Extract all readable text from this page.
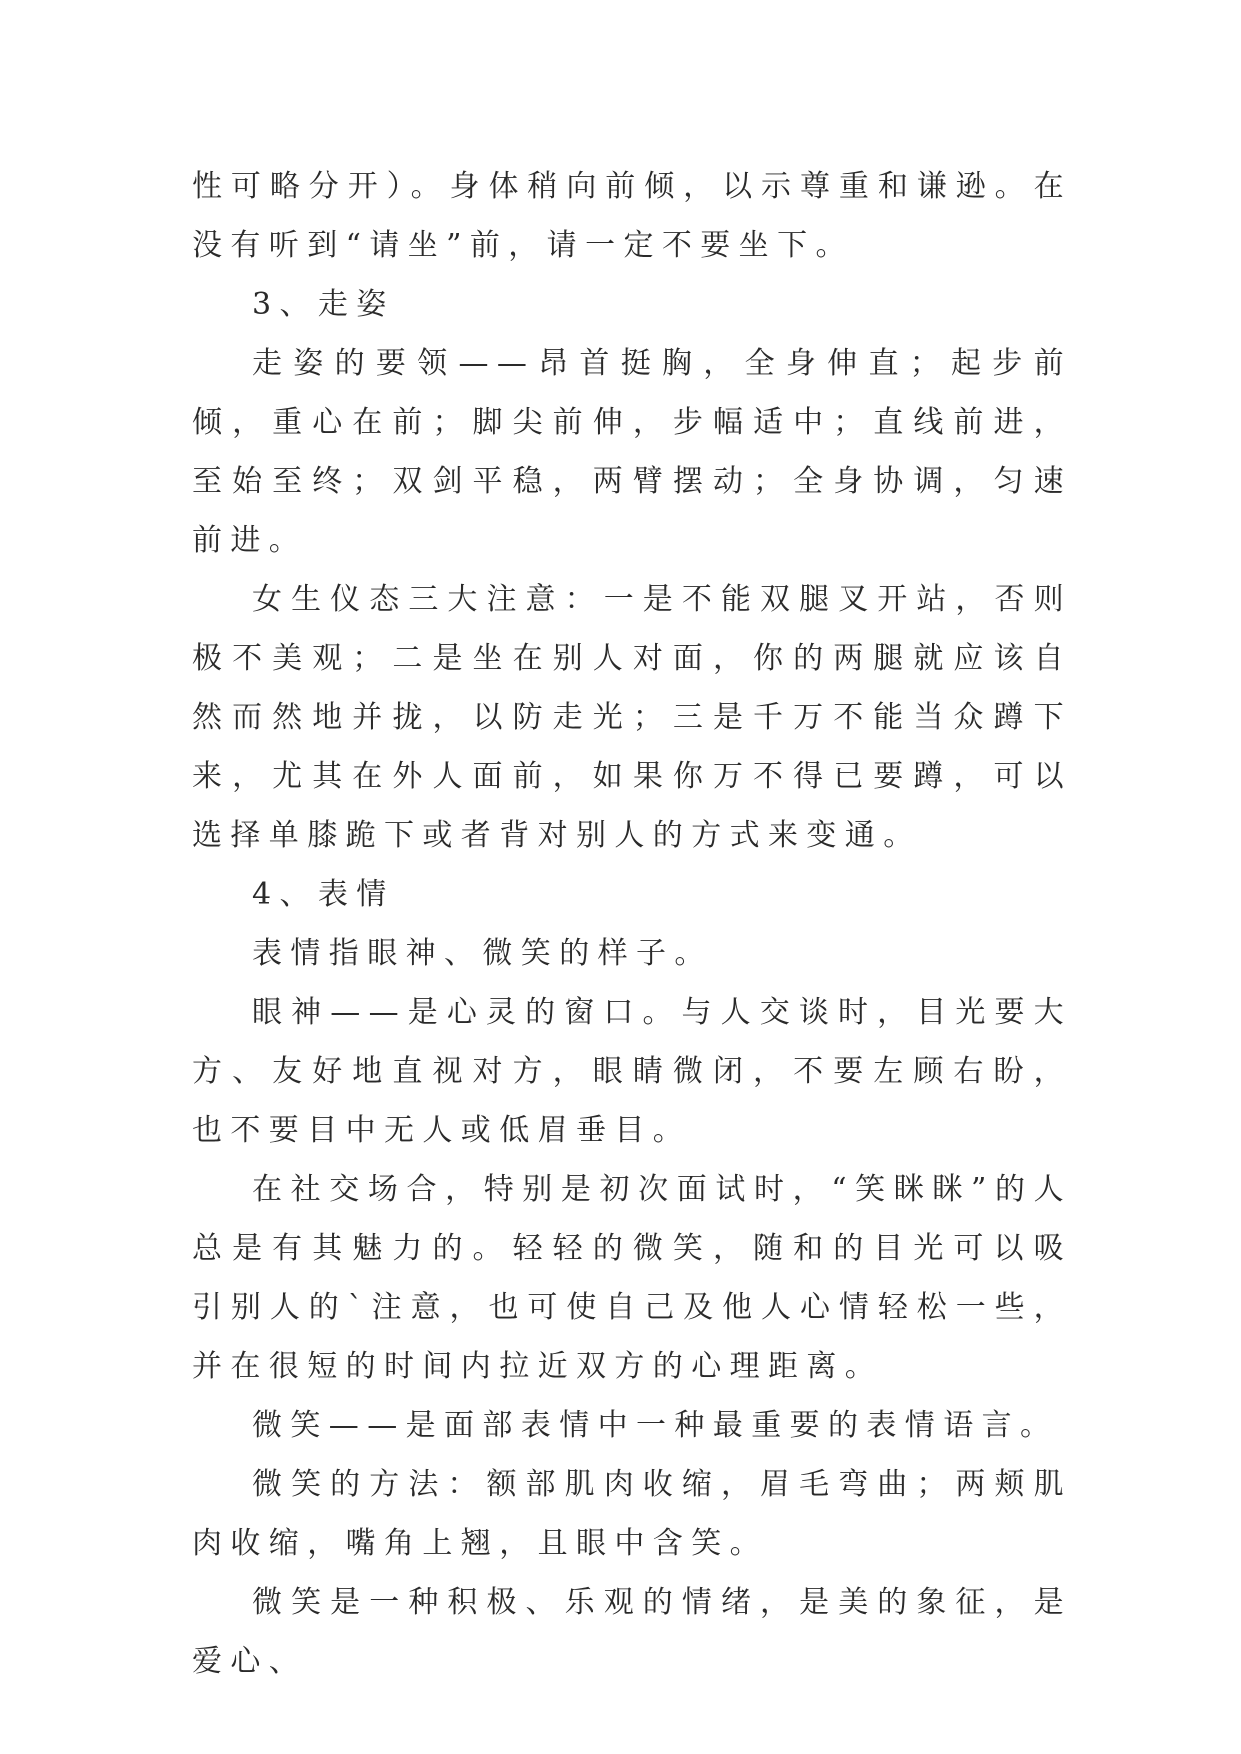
性可略分开）。身体稍向前倾，以示尊重和谦逊。在没有听到“请坐”前，请一定不要坐下。

3、走姿

走姿的要领——昂首挺胸，全身伸直；起步前倾，重心在前；脚尖前伸，步幅适中；直线前进，至始至终；双剑平稳，两臂摆动；全身协调，匀速前进。

女生仪态三大注意：一是不能双腿叉开站，否则极不美观；二是坐在别人对面，你的两腿就应该自然而然地并拢，以防走光；三是千万不能当众蹲下来，尤其在外人面前，如果你万不得已要蹲，可以选择单膝跪下或者背对别人的方式来变通。

4、表情

表情指眼神、微笑的样子。

眼神——是心灵的窗口。与人交谈时，目光要大方、友好地直视对方，眼睛微闭，不要左顾右盼，也不要目中无人或低眉垂目。

在社交场合，特别是初次面试时，“笑眯眯”的人总是有其魅力的。轻轻的微笑，随和的目光可以吸引别人的`注意，也可使自己及他人心情轻松一些，并在很短的时间内拉近双方的心理距离。

微笑——是面部表情中一种最重要的表情语言。

微笑的方法：额部肌肉收缩，眉毛弯曲；两颊肌肉收缩，嘴角上翘，且眼中含笑。

微笑是一种积极、乐观的情绪，是美的象征，是爱心、
